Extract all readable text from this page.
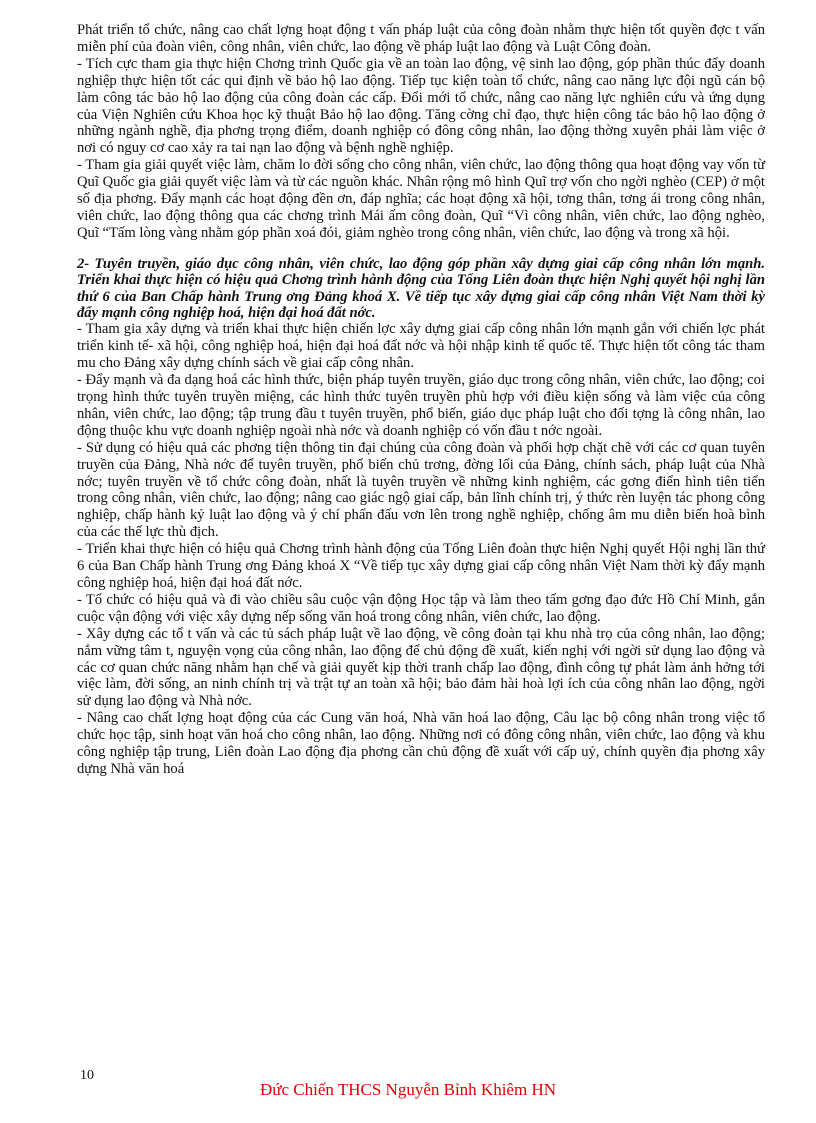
Phát triển tổ chức, nâng cao chất lợng hoạt động t vấn pháp luật của công đoàn nhằm thực hiện tốt quyền đợc t vấn miễn phí của đoàn viên, công nhân, viên chức, lao động về pháp luật lao động và Luật Công đoàn.

- Tích cực tham gia thực hiện Chơng trình Quốc gia về an toàn lao động, vệ sinh lao động, góp phần thúc đẩy doanh nghiệp thực hiện tốt các qui định về bảo hộ lao động. Tiếp tục kiện toàn tổ chức, nâng cao năng lực đội ngũ cán bộ làm công tác bảo hộ lao động của công đoàn các cấp. Đổi mới tổ chức, nâng cao năng lực nghiên cứu và ứng dụng của Viện Nghiên cứu Khoa học kỹ thuật Bảo hộ lao động. Tăng cờng chỉ đạo, thực hiện công tác bảo hộ lao động ở những ngành nghề, địa phơng trọng điểm, doanh nghiệp có đông công nhân, lao động thờng xuyên phải làm việc ở nơi có nguy cơ cao xảy ra tai nạn lao động và bệnh nghề nghiệp.

- Tham gia giải quyết việc làm, chăm lo đời sống cho công nhân, viên chức, lao động thông qua hoạt động vay vốn từ Quĩ Quốc gia giải quyết việc làm và từ các nguồn khác. Nhân rộng mô hình Quĩ trợ vốn cho ngời nghèo (CEP) ở một số địa phơng. Đẩy mạnh các hoạt động đền ơn, đáp nghĩa; các hoạt động xã hội, tơng thân, tơng ái trong công nhân, viên chức, lao động thông qua các chơng trình Mái ấm công đoàn, Quĩ “Vì công nhân, viên chức, lao động nghèo, Quĩ “Tấm lòng vàng nhằm góp phần xoá đói, giảm nghèo trong công nhân, viên chức, lao động và trong xã hội.

2- Tuyên truyền, giáo dục công nhân, viên chức, lao động góp phần xây dựng giai cấp công nhân lớn mạnh. Triển khai thực hiện có hiệu quả Chơng trình hành động của Tổng Liên đoàn thực hiện Nghị quyết hội nghị lần thứ 6 của Ban Chấp hành Trung ơng Đảng khoá X. Về tiếp tục xây dựng giai cấp công nhân Việt Nam thời kỳ đẩy mạnh công nghiệp hoá, hiện đại hoá đất nớc.

- Tham gia xây dựng và triển khai thực hiện chiến lợc xây dựng giai cấp công nhân lớn mạnh gắn với chiến lợc phát triển kinh tế- xã hội, công nghiệp hoá, hiện đại hoá đất nớc và hội nhập kinh tế quốc tế. Thực hiện tốt công tác tham mu cho Đảng xây dựng chính sách về giai cấp công nhân.

- Đẩy mạnh và đa dạng hoá các hình thức, biện pháp tuyên truyền, giáo dục trong công nhân, viên chức, lao động; coi trọng hình thức tuyên truyền miệng, các hình thức tuyên truyền phù hợp với điều kiện sống và làm việc của công nhân, viên chức, lao động; tập trung đầu t tuyên truyền, phổ biến, giáo dục pháp luật cho đối tợng là công nhân, lao động thuộc khu vực doanh nghiệp ngoài nhà nớc và doanh nghiệp có vốn đầu t nớc ngoài.

- Sử dụng có hiệu quả các phơng tiện thông tin đại chúng của công đoàn và phối hợp chặt chẽ với các cơ quan tuyên truyền của Đảng, Nhà nớc để tuyên truyền, phổ biến chủ trơng, đờng lối của Đảng, chính sách, pháp luật của Nhà nớc; tuyên truyền về tổ chức công đoàn, nhất là tuyên truyền về những kinh nghiệm, các gơng điển hình tiên tiến trong công nhân, viên chức, lao động; nâng cao giác ngộ giai cấp, bản lĩnh chính trị, ý thức rèn luyện tác phong công nghiệp, chấp hành kỷ luật lao động và ý chí phấn đấu vơn lên trong nghề nghiệp, chống âm mu diễn biến hoà bình của các thế lực thù địch.

- Triển khai thực hiện có hiệu quả Chơng trình hành động của Tổng Liên đoàn thực hiện Nghị quyết Hội nghị lần thứ 6 của Ban Chấp hành Trung ơng Đảng khoá X “Về tiếp tục xây dựng giai cấp công nhân Việt Nam thời kỳ đẩy mạnh công nghiệp hoá, hiện đại hoá đất nớc.

- Tổ chức có hiệu quả và đi vào chiều sâu cuộc vận động Học tập và làm theo tấm gơng đạo đức Hồ Chí Minh, gắn cuộc vận động với việc xây dựng nếp sống văn hoá trong công nhân, viên chức, lao động.

- Xây dựng các tổ t vấn và các tủ sách pháp luật về lao động, về công đoàn tại khu nhà trọ của công nhân, lao động; nắm vững tâm t, nguyện vọng của công nhân, lao động để chủ động đề xuất, kiến nghị với ngời sử dụng lao động và các cơ quan chức năng nhằm hạn chế và giải quyết kịp thời tranh chấp lao động, đình công tự phát làm ảnh hởng tới việc làm, đời sống, an ninh chính trị và trật tự an toàn xã hội; bảo đảm hài hoà lợi ích của công nhân lao động, ngời sử dụng lao động và Nhà nớc.

- Nâng cao chất lợng hoạt động của các Cung văn hoá, Nhà văn hoá lao động, Câu lạc bộ công nhân trong việc tổ chức học tập, sinh hoạt văn hoá cho công nhân, lao động. Những nơi có đông công nhân, viên chức, lao động và khu công nghiệp tập trung, Liên đoàn Lao động địa phơng cần chủ động đề xuất với cấp uỷ, chính quyền địa phơng xây dựng Nhà văn hoá

10
Đức Chiến THCS Nguyễn Bỉnh Khiêm HN
